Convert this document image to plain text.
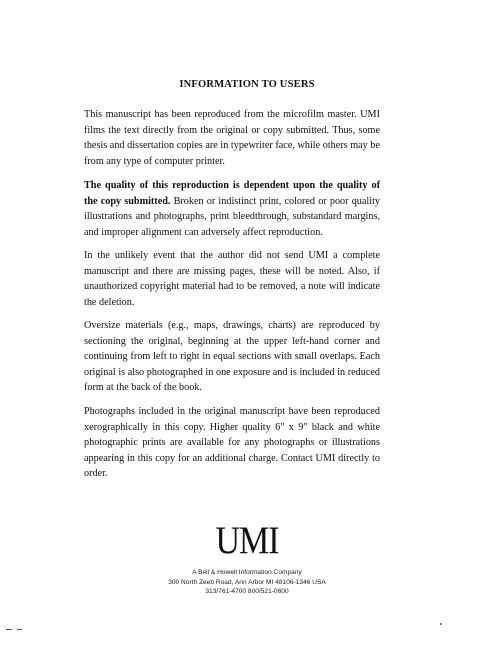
INFORMATION TO USERS

This manuscript has been reproduced from the microfilm master. UMI films the text directly from the original or copy submitted. Thus, some thesis and dissertation copies are in typewriter face, while others may be from any type of computer printer.

The quality of this reproduction is dependent upon the quality of the copy submitted. Broken or indistinct print, colored or poor quality illustrations and photographs, print bleedthrough, substandard margins, and improper alignment can adversely affect reproduction.

In the unlikely event that the author did not send UMI a complete manuscript and there are missing pages, these will be noted. Also, if unauthorized copyright material had to be removed, a note will indicate the deletion.

Oversize materials (e.g., maps, drawings, charts) are reproduced by sectioning the original, beginning at the upper left-hand corner and continuing from left to right in equal sections with small overlaps. Each original is also photographed in one exposure and is included in reduced form at the back of the book.

Photographs included in the original manuscript have been reproduced xerographically in this copy. Higher quality 6" x 9" black and white photographic prints are available for any photographs or illustrations appearing in this copy for an additional charge. Contact UMI directly to order.

UMI
A Bell & Howell Information Company
300 North Zeeb Road, Ann Arbor MI 48106-1346 USA
313/761-4700 800/521-0600
